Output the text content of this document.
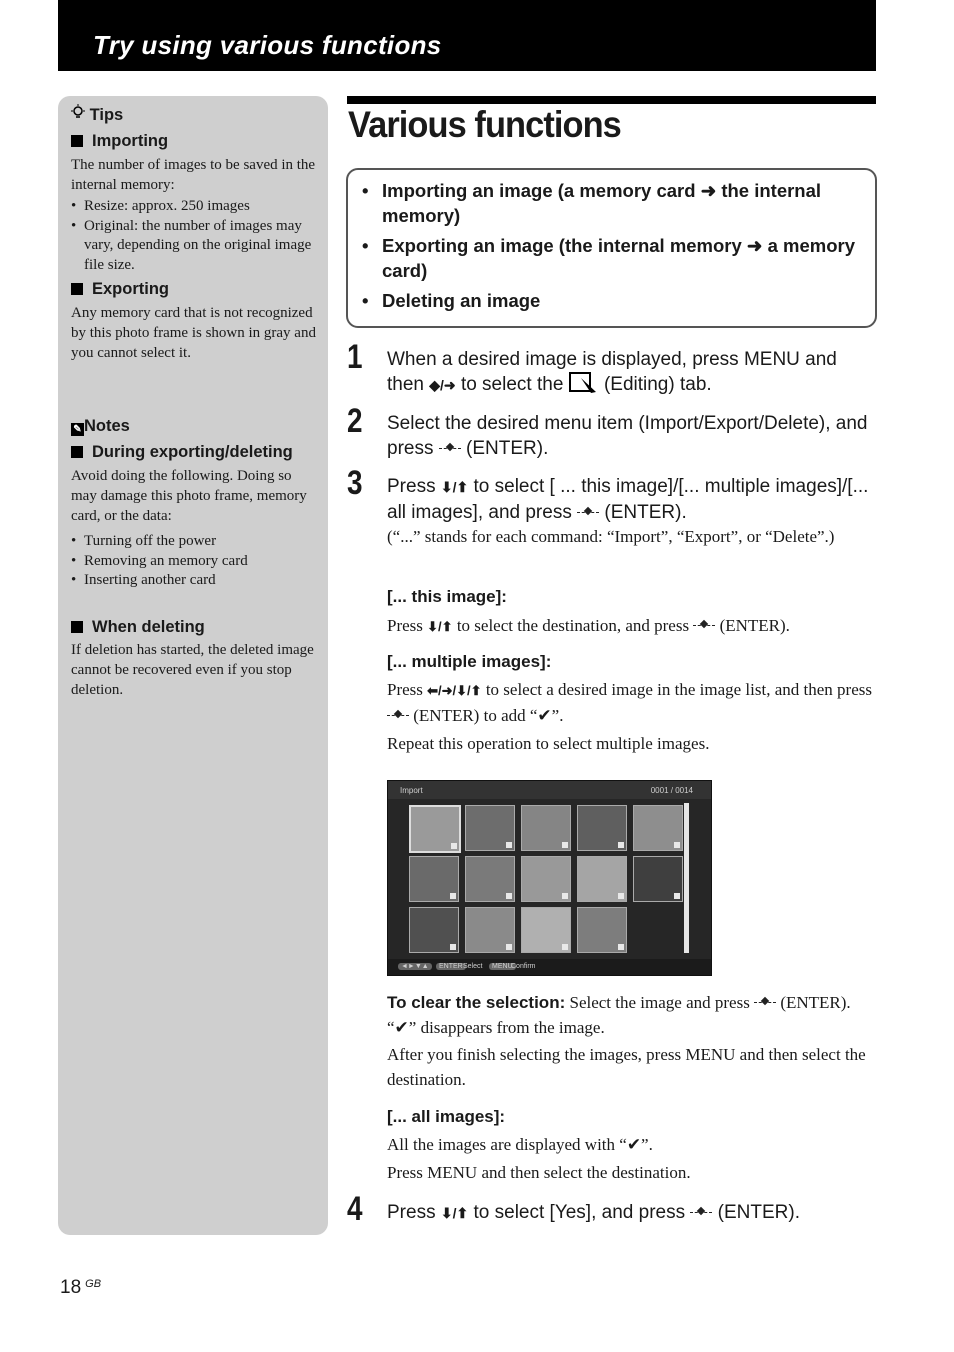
Try using various functions
Tips
Importing
The number of images to be saved in the internal memory:
• Resize: approx. 250 images
• Original: the number of images may vary, depending on the original image file size.
Exporting
Any memory card that is not recognized by this photo frame is shown in gray and you cannot select it.
✎ Notes
During exporting/deleting
Avoid doing the following. Doing so may damage this photo frame, memory card, or the data:
• Turning off the power
• Removing an memory card
• Inserting another card
When deleting
If deletion has started, the deleted image cannot be recovered even if you stop deletion.
Various functions
• Importing an image (a memory card ➜ the internal memory)
• Exporting an image (the internal memory ➜ a memory card)
• Deleting an image
1 When a desired image is displayed, press MENU and then ◆/➜ to select the (Editing) tab.
2 Select the desired menu item (Import/Export/Delete), and press (ENTER).
3 Press ⬇/⬆ to select [ ... this image]/[... multiple images]/[... all images], and press (ENTER).
(“...” stands for each command: “Import”, “Export”, or “Delete”.)
[... this image]:
Press ⬇/⬆ to select the destination, and press (ENTER).
[... multiple images]:
Press ⬅/➜/⬇/⬆ to select a desired image in the image list, and then press  (ENTER) to add “✔”.
Repeat this operation to select multiple images.
Import	0001 / 0014
◄►▼▲	ENTER Select	MENU
Confirm
To clear the selection: Select the image and press (ENTER). “✔” disappears from the image.
After you finish selecting the images, press MENU and then select the destination.
[... all images]:
All the images are displayed with “✔”.
Press MENU and then select the destination.
4 Press ⬇/⬆ to select [Yes], and press (ENTER).
18 $^{GB}$
